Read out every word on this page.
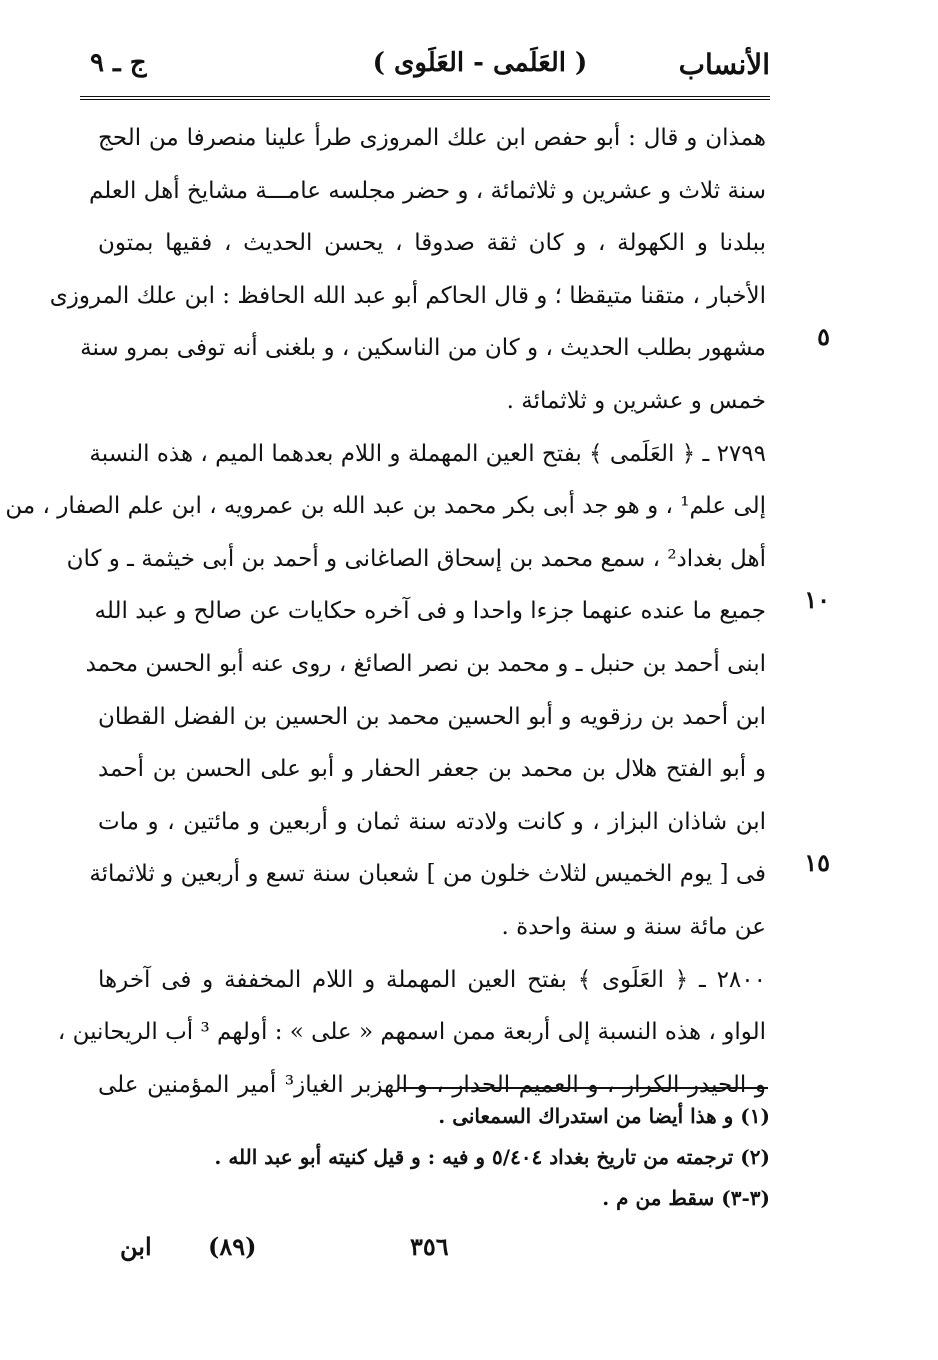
ج ـ ٩	( العَلَمى - العَلَوى )	الأنساب
همذان و قال : أبو حفص ابن علك المروزى طرأ علينا منصرفا من الحج
سنة ثلاث و عشرين و ثلاثمائة ، و حضر مجلسه عامـــة مشايخ أهل العلم
ببلدنا و الكهولة ، و كان ثقة صدوقا ، يحسن الحديث ، فقيها بمتون
الأخبار ، متقنا متيقظا ؛ و قال الحاكم أبو عبد الله الحافظ : ابن علك المروزى
مشهور بطلب الحديث ، و كان من الناسكين ، و بلغنى أنه توفى بمرو سنة
خمس و عشرين و ثلاثمائة .
٢٧٩٩ ـ ﴿ العَلَمى ﴾ بفتح العين المهملة و اللام بعدهما الميم ، هذه النسبة
إلى علم¹ ، و هو جد أبى بكر محمد بن عبد الله بن عمرويه ، ابن علم الصفار ، من
أهل بغداد² ، سمع محمد بن إسحاق الصاغانى و أحمد بن أبى خيثمة ـ و كان
جميع ما عنده عنهما جزءا واحدا و فى آخره حكايات عن صالح و عبد الله
ابنى أحمد بن حنبل ـ و محمد بن نصر الصائغ ، روى عنه أبو الحسن محمد
ابن أحمد بن رزقويه و أبو الحسين محمد بن الحسين بن الفضل القطان
و أبو الفتح هلال بن محمد بن جعفر الحفار و أبو على الحسن بن أحمد
ابن شاذان البزاز ، و كانت ولادته سنة ثمان و أربعين و مائتين ، و مات
فى [ يوم الخميس لثلاث خلون من ] شعبان سنة تسع و أربعين و ثلاثمائة
عن مائة سنة و سنة واحدة .
٢٨٠٠ ـ ﴿ العَلَوى ﴾ بفتح العين المهملة و اللام المخففة و فى آخرها
الواو ، هذه النسبة إلى أربعة ممن اسمهم « على » : أولهم ³ أب الريحانين ،
و الحيدر الكرار ، و العميم الحدار ، و الهزبر الغياز³ أمير المؤمنين على
٥
١٠
١٥
(١) و هذا أيضا من استدراك السمعانى .
(٢) ترجمته من تاريخ بغداد ٥/٤٠٤ و فيه : و قيل كنيته أبو عبد الله .
(٣-٣) سقط من م .
ابن (٨٩)	٣٥٦
